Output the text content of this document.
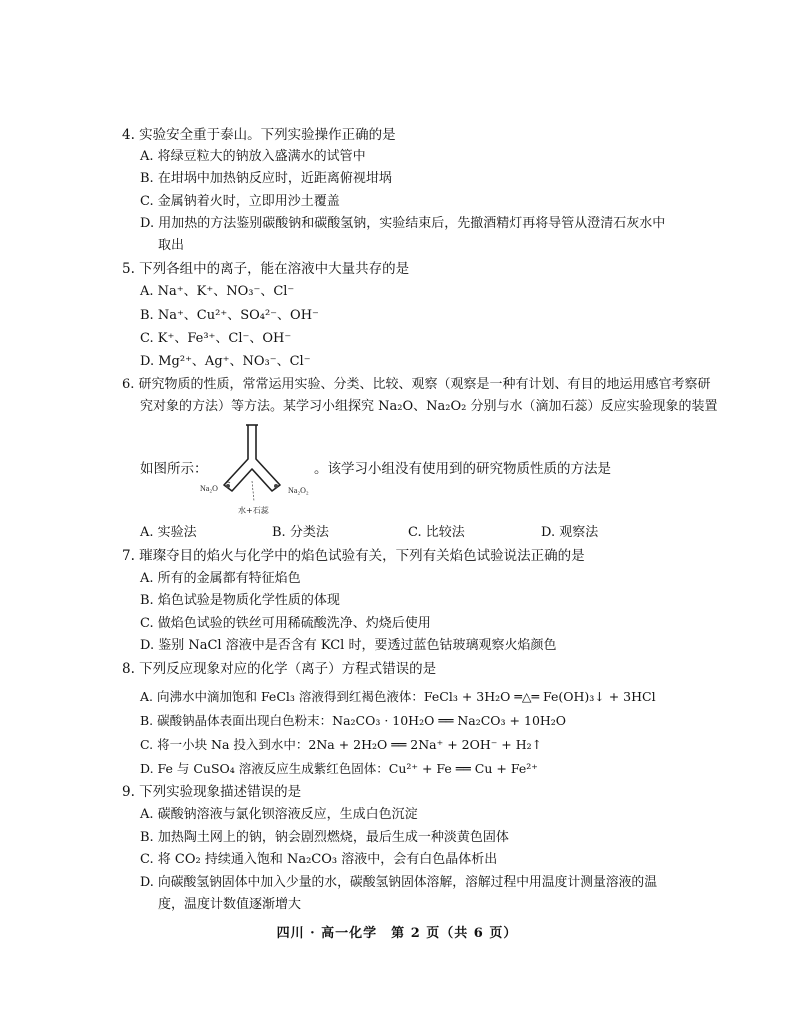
4. 实验安全重于泰山。下列实验操作正确的是
A. 将绿豆粒大的钠放入盛满水的试管中
B. 在坩埚中加热钠反应时，近距离俯视坩埚
C. 金属钠着火时，立即用沙土覆盖
D. 用加热的方法鉴别碳酸钠和碳酸氢钠，实验结束后，先撤酒精灯再将导管从澄清石灰水中
取出
5. 下列各组中的离子，能在溶液中大量共存的是
A. Na⁺、K⁺、NO₃⁻、Cl⁻
B. Na⁺、Cu²⁺、SO₄²⁻、OH⁻
C. K⁺、Fe³⁺、Cl⁻、OH⁻
D. Mg²⁺、Ag⁺、NO₃⁻、Cl⁻
6. 研究物质的性质，常常运用实验、分类、比较、观察（观察是一种有计划、有目的地运用感官考察研
究对象的方法）等方法。某学习小组探究 Na₂O、Na₂O₂ 分别与水（滴加石蕊）反应实验现象的装置
如图所示：	。该学习小组没有使用到的研究物质性质的方法是
Na₂O	Na₂O₂
水+石蕊
A. 实验法	B. 分类法	C. 比较法	D. 观察法
7. 璀璨夺目的焰火与化学中的焰色试验有关，下列有关焰色试验说法正确的是
A. 所有的金属都有特征焰色
B. 焰色试验是物质化学性质的体现
C. 做焰色试验的铁丝可用稀硫酸洗净、灼烧后使用
D. 鉴别 NaCl 溶液中是否含有 KCl 时，要透过蓝色钴玻璃观察火焰颜色
8. 下列反应现象对应的化学（离子）方程式错误的是
A. 向沸水中滴加饱和 FeCl₃ 溶液得到红褐色液体：FeCl₃ + 3H₂O ═△═ Fe(OH)₃↓ + 3HCl
B. 碳酸钠晶体表面出现白色粉末：Na₂CO₃ · 10H₂O ══ Na₂CO₃ + 10H₂O
C. 将一小块 Na 投入到水中：2Na + 2H₂O ══ 2Na⁺ + 2OH⁻ + H₂↑
D. Fe 与 CuSO₄ 溶液反应生成紫红色固体：Cu²⁺ + Fe ══ Cu + Fe²⁺
9. 下列实验现象描述错误的是
A. 碳酸钠溶液与氯化钡溶液反应，生成白色沉淀
B. 加热陶土网上的钠，钠会剧烈燃烧，最后生成一种淡黄色固体
C. 将 CO₂ 持续通入饱和 Na₂CO₃ 溶液中，会有白色晶体析出
D. 向碳酸氢钠固体中加入少量的水，碳酸氢钠固体溶解，溶解过程中用温度计测量溶液的温
度，温度计数值逐渐增大
四川 · 高一化学　第 2 页（共 6 页）
